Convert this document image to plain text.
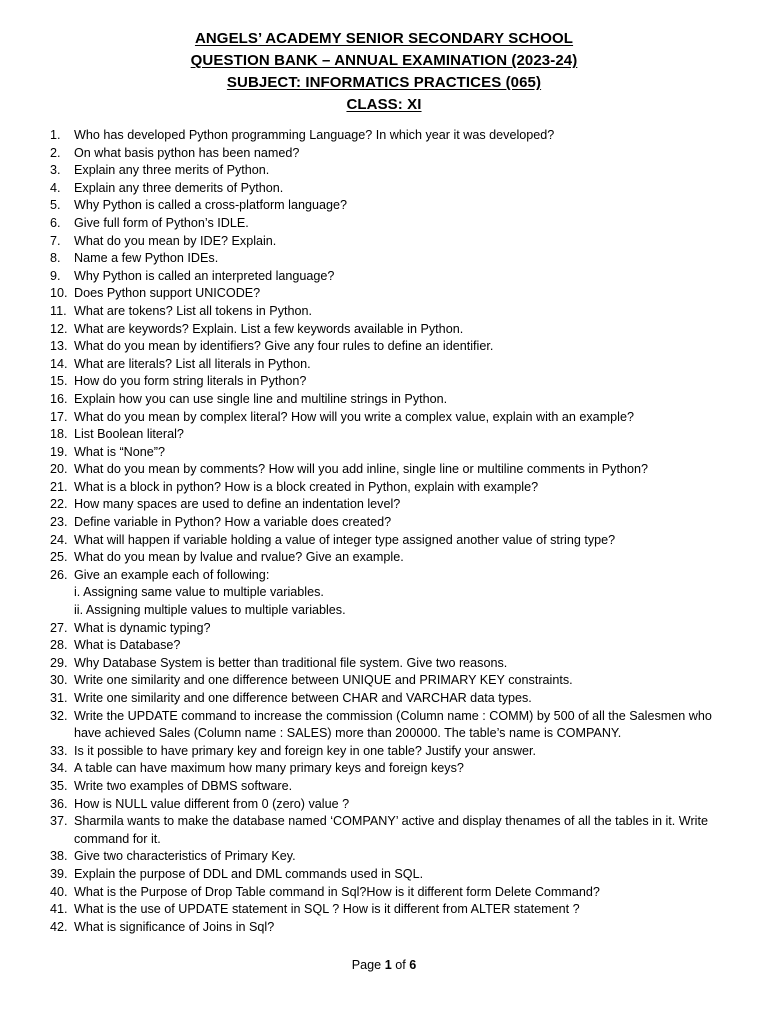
ANGELS’ ACADEMY SENIOR SECONDARY SCHOOL
QUESTION BANK – ANNUAL EXAMINATION (2023-24)
SUBJECT: INFORMATICS PRACTICES (065)
CLASS: XI
1.	Who has developed Python programming Language? In which year it was developed?
2.	On what basis python has been named?
3.	Explain any three merits of Python.
4.	Explain any three demerits of Python.
5.	Why Python is called a cross-platform language?
6.	Give full form of Python’s IDLE.
7.	What do you mean by IDE? Explain.
8.	Name a few Python IDEs.
9.	Why Python is called an interpreted language?
10. Does Python support UNICODE?
11. What are tokens? List all tokens in Python.
12. What are keywords? Explain. List a few keywords available in Python.
13. What do you mean by identifiers? Give any four rules to define an identifier.
14. What are literals? List all literals in Python.
15. How do you form string literals in Python?
16. Explain how you can use single line and multiline strings in Python.
17. What do you mean by complex literal? How will you write a complex value, explain with an example?
18. List Boolean literal?
19. What is “None”?
20. What do you mean by comments? How will you add inline, single line or multiline comments in Python?
21. What is a block in python? How is a block created in Python, explain with example?
22. How many spaces are used to define an indentation level?
23. Define variable in Python? How a variable does created?
24. What will happen if variable holding a value of integer type assigned another value of string type?
25. What do you mean by lvalue and rvalue? Give an example.
26. Give an example each of following:
i. Assigning same value to multiple variables.
ii. Assigning multiple values to multiple variables.
27. What is dynamic typing?
28. What is Database?
29. Why Database System is better than traditional file system. Give two reasons.
30. Write one similarity and one difference between UNIQUE and PRIMARY KEY constraints.
31. Write one similarity and one difference between CHAR and VARCHAR data types.
32. Write the UPDATE command to increase the commission (Column name : COMM) by 500 of all the Salesmen who have achieved Sales (Column name : SALES) more than 200000. The table’s name is COMPANY.
33. Is it possible to have primary key and foreign key in one table? Justify your answer.
34. A table can have maximum how many primary keys and foreign keys?
35. Write two examples of DBMS software.
36. How is NULL value different from 0 (zero) value ?
37. Sharmila wants to make the database named ‘COMPANY’ active and display thenames of all the tables in it. Write command for it.
38. Give two characteristics of Primary Key.
39. Explain the purpose of DDL and DML commands used in SQL.
40. What is the Purpose of Drop Table command in Sql?How is it different form Delete Command?
41. What is the use of UPDATE statement in SQL ? How is it different from ALTER statement ?
42. What is significance of Joins in Sql?
Page 1 of 6
